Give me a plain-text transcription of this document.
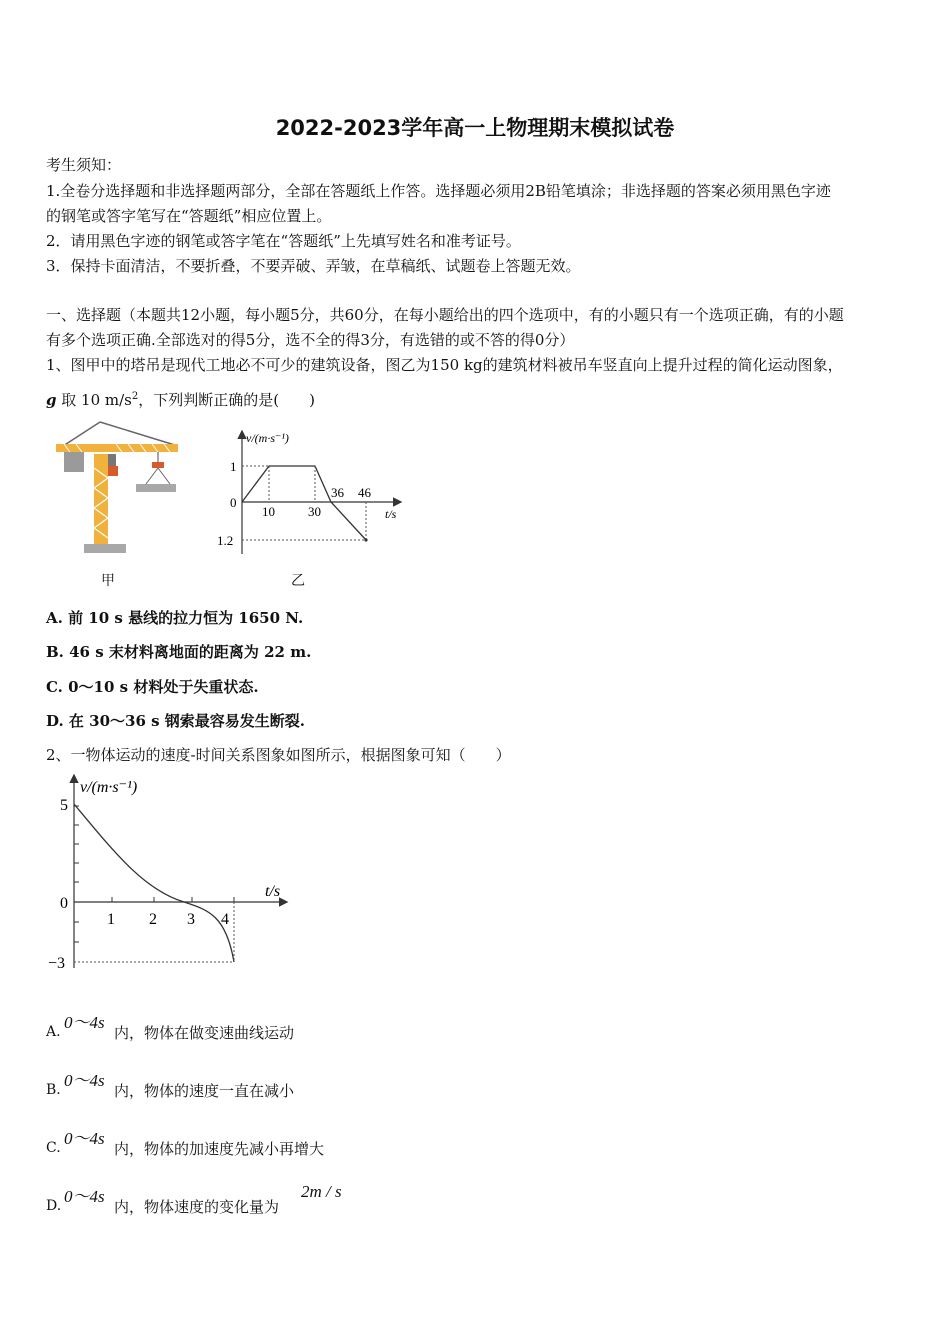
2022-2023学年高一上物理期末模拟试卷
考生须知：
1.全卷分选择题和非选择题两部分，全部在答题纸上作答。选择题必须用2B铅笔填涂；非选择题的答案必须用黑色字迹
的钢笔或答字笔写在“答题纸”相应位置上。
2．请用黑色字迹的钢笔或答字笔在“答题纸”上先填写姓名和准考证号。
3．保持卡面清洁，不要折叠，不要弄破、弄皱，在草稿纸、试题卷上答题无效。
一、选择题（本题共12小题，每小题5分，共60分，在每小题给出的四个选项中，有的小题只有一个选项正确，有的小题
有多个选项正确.全部选对的得5分，选不全的得3分，有选错的或不答的得0分）
1、图甲中的塔吊是现代工地必不可少的建筑设备，图乙为150 kg的建筑材料被吊车竖直向上提升过程的简化运动图象，
g 取 10 $m/s^2$，下列判断正确的是(　　)
甲
v/(m·s⁻¹)
t/s
1
0
1.2
10	30
36 46
乙
A. 前 10 s 悬线的拉力恒为 1650 N.
B. 46 s 末材料离地面的距离为 22 m.
C. 0～10 s 材料处于失重状态.
D. 在 30～36 s 钢索最容易发生断裂.
2、一物体运动的速度-时间关系图象如图所示，根据图象可知（　　）
v/(m·s⁻¹)
t/s
5
0
−3
1 2 3 4
A. 0～4s
内，物体在做变速曲线运动
B. 0～4s
内，物体的速度一直在减小
C. 0～4s
内，物体的加速度先减小再增大
D. 0～4s
内，物体速度的变化量为
2m / s
